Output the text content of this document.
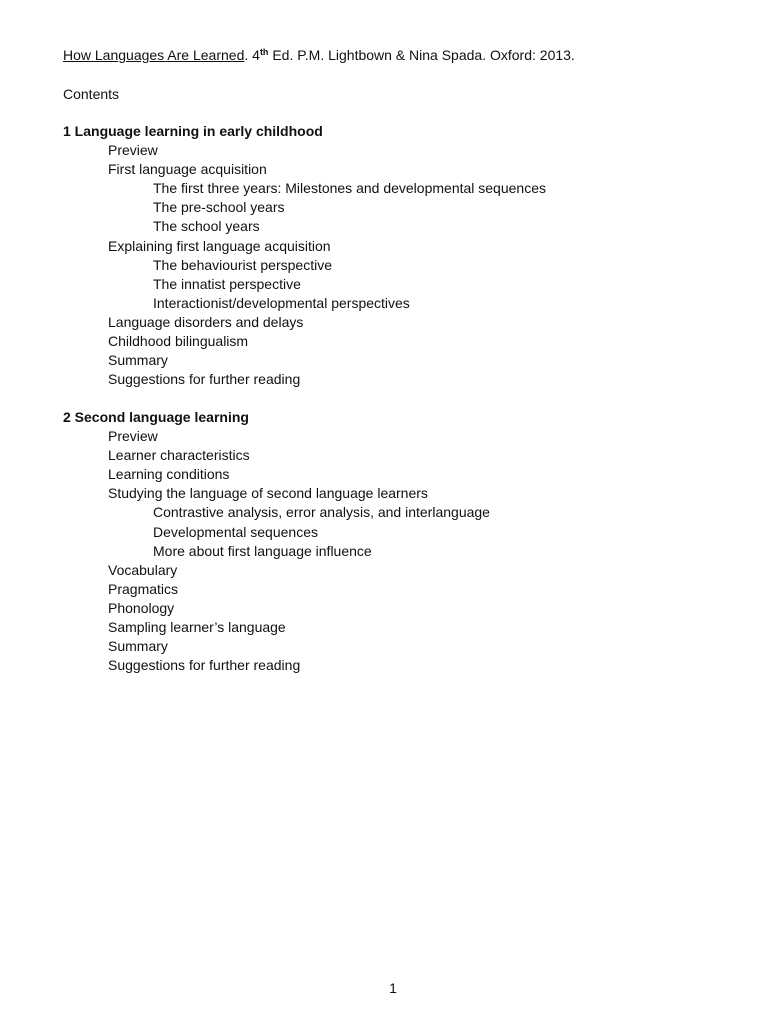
How Languages Are Learned. 4th Ed. P.M. Lightbown & Nina Spada. Oxford: 2013.
Contents
1 Language learning in early childhood
Preview
First language acquisition
The first three years: Milestones and developmental sequences
The pre-school years
The school years
Explaining first language acquisition
The behaviourist perspective
The innatist perspective
Interactionist/developmental perspectives
Language disorders and delays
Childhood bilingualism
Summary
Suggestions for further reading
2 Second language learning
Preview
Learner characteristics
Learning conditions
Studying the language of second language learners
Contrastive analysis, error analysis, and interlanguage
Developmental sequences
More about first language influence
Vocabulary
Pragmatics
Phonology
Sampling learner’s language
Summary
Suggestions for further reading
1
